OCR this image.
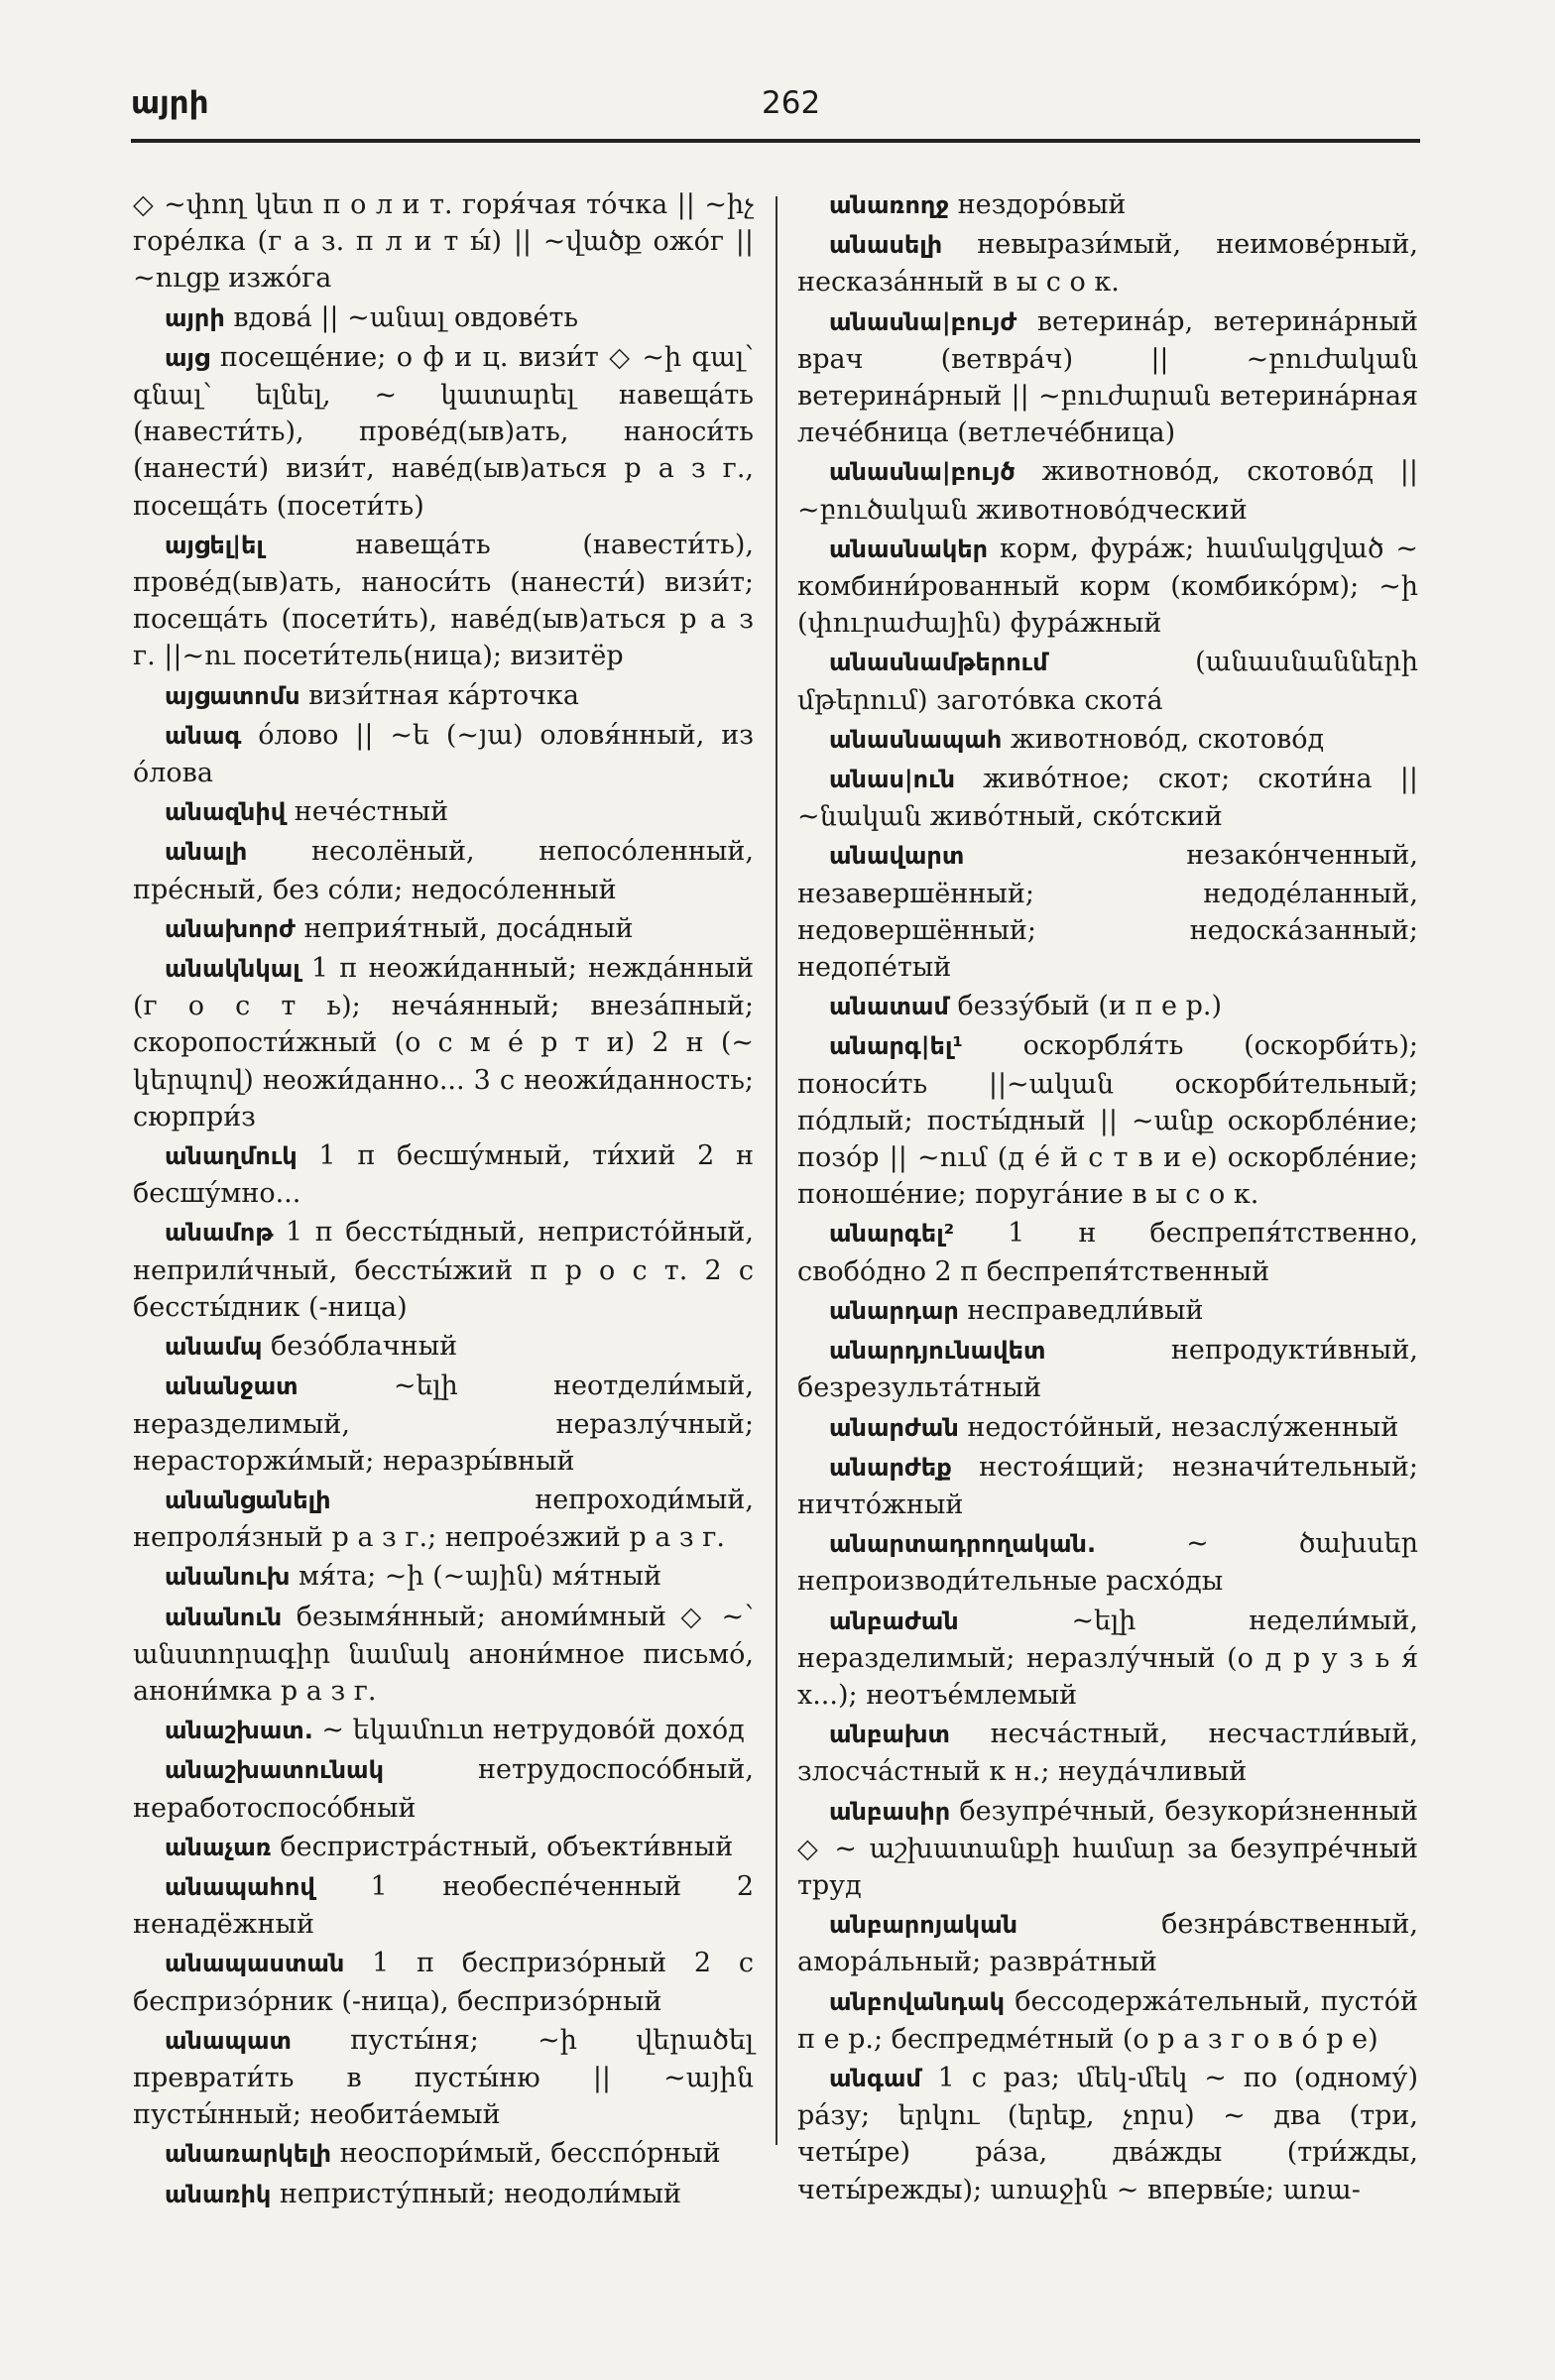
այրի	262
◇ ~փող կետ п о л и т. горя́чая то́чка || ~իչ горе́лка (г а з. п л и т ы́) || ~վածք ожо́г || ~ուցք изжо́га
այրի вдова́ || ~անալ овдове́ть
այց посеще́ние; о ф и ц. визи́т ◇ ~ի գալ՝ գնալ՝ ելնել, ~ կատարել навеща́ть (навести́ть), прове́д(ыв)ать, наноси́ть (нанести́) визи́т, наве́д(ыв)аться р а з г., посеща́ть (посети́ть)
այցել|ել	навеща́ть (навести́ть), прове́д(ыв)ать, наноси́ть (нанести́) визи́т; посеща́ть (посети́ть), наве́д(ыв)аться р а з г. ||~ու посети́тель(ница); визитёр
այցատոմս визи́тная ка́рточка
անագ о́лово || ~ե (~յա) оловя́нный, из о́лова
անազնիվ нече́стный
անալի несолёный, непосо́ленный, пре́сный, без со́ли; недосо́ленный
անախորժ неприя́тный, доса́дный
անակնկալ 1 п неожи́данный; нежда́нный (г о с т ь); неча́янный; внеза́пный; скоропости́жный (о с м е́ р т и) 2 н (~ կերպով) неожи́данно... 3 с неожи́данность; сюрпри́з
անաղմուկ 1 п бесшу́мный, ти́хий 2 н бесшу́мно...
անամոթ 1 п бессты́дный, непристо́йный, неприли́чный, бессты́жий п р о с т. 2 с бессты́дник (-ница)
անամպ безо́блачный
անանջատ	~ելի неотдели́мый, неразделимый, неразлу́чный; нерасторжи́мый; неразры́вный
անանցանելի	непроходи́мый, непроля́зный р а з г.; непрое́зжий р а з г.
անանուխ мя́та; ~ի (~ային) мя́тный
անանուն безымя́нный; аноми́мный ◇ ~՝ անստորագիր նամակ анони́мное письмо́, анони́мка р а з г.
անաշխատ. ~ եկամուտ нетрудово́й дохо́д
անաշխատունակ	нетрудоспосо́бный, нерaботоспосо́бный
անաչառ беспристра́стный, объекти́вный
անապահով 1 необеспе́ченный 2 ненадёжный
անապաստան 1 п беспризо́рный 2 с беспризо́рник (-ница), беспризо́рный
անապատ пусты́ня; ~ի վերածել преврати́ть в пусты́ню || ~ային пусты́нный; необита́емый
անառարկելի неоспори́мый, бесспо́рный
անառիկ непристу́пный; неодоли́мый
անառողջ нездоро́вый
անասելի невырази́мый, неимове́рный, несказа́нный в ы с о к.
անասնա|բույժ ветерина́р, ветерина́рный врач (ветвра́ч) || ~բուժական ветерина́рный || ~բուժարան ветерина́рная лече́бница (ветлече́бница)
անասնա|բույծ животново́д, скотово́д || ~բուծական животново́дческий
անասնակեր корм, фура́ж; համակցված ~ комбини́рованный корм (комбико́рм); ~ի (փուրաժային) фура́жный
անասնամթերում	(անասնանների մթերում) загото́вка скота́
անասնապահ животново́д, скотово́д
անաս|ուն живо́тное; скот; скоти́на || ~նական живо́тный, ско́тский
անավարտ	незако́нченный, незавершённый; недоде́ланный, недовершённый; недоска́занный; недопе́тый
անատամ беззу́бый (и п е р.)
անարգ|ել¹ оскорбля́ть (оскорби́ть); поноси́ть ||~ական оскорби́тельный; по́длый; посты́дный || ~անք оскорбле́ние; позо́р || ~ում (д е́ й с т в и е) оскорбле́ние; поноше́ние; поруга́ние в ы с о к.
անարգել² 1 н беспрепя́тственно, свобо́дно 2 п беспрепя́тственный
անարդար несправедли́вый
անարդյունավետ	непродукти́вный, безрезульта́тный
անարժան недосто́йный, незаслу́женный
անարժեք нестоя́щий; незначи́тельный; ничто́жный
անարտադրողական.	~ ծախսեր непроизводи́тельные расхо́ды
անբաժան	~ելի недели́мый, неразделимый; неразлу́чный (о д р у з ь я́ х...); неотъе́млемый
անբախտ несча́стный, несчастли́вый, злосча́стный к н.; неуда́чливый
անբասիր безупре́чный, безукори́зненный ◇ ~ աշխատանքի համար за безупре́чный труд
անբարոյական	безнра́вственный, амора́льный; развра́тный
անբովանդակ бессодержа́тельный, пусто́й п е р.; беспредме́тный (о р а з г о в о́ р е)
անգամ 1 с раз; մեկ-մեկ ~ по (одному́) ра́зу; երկու (երեք, չորս) ~ два (три, четы́ре) ра́за, два́жды (три́жды, четы́режды); առաջին ~ впервы́е; առա-
